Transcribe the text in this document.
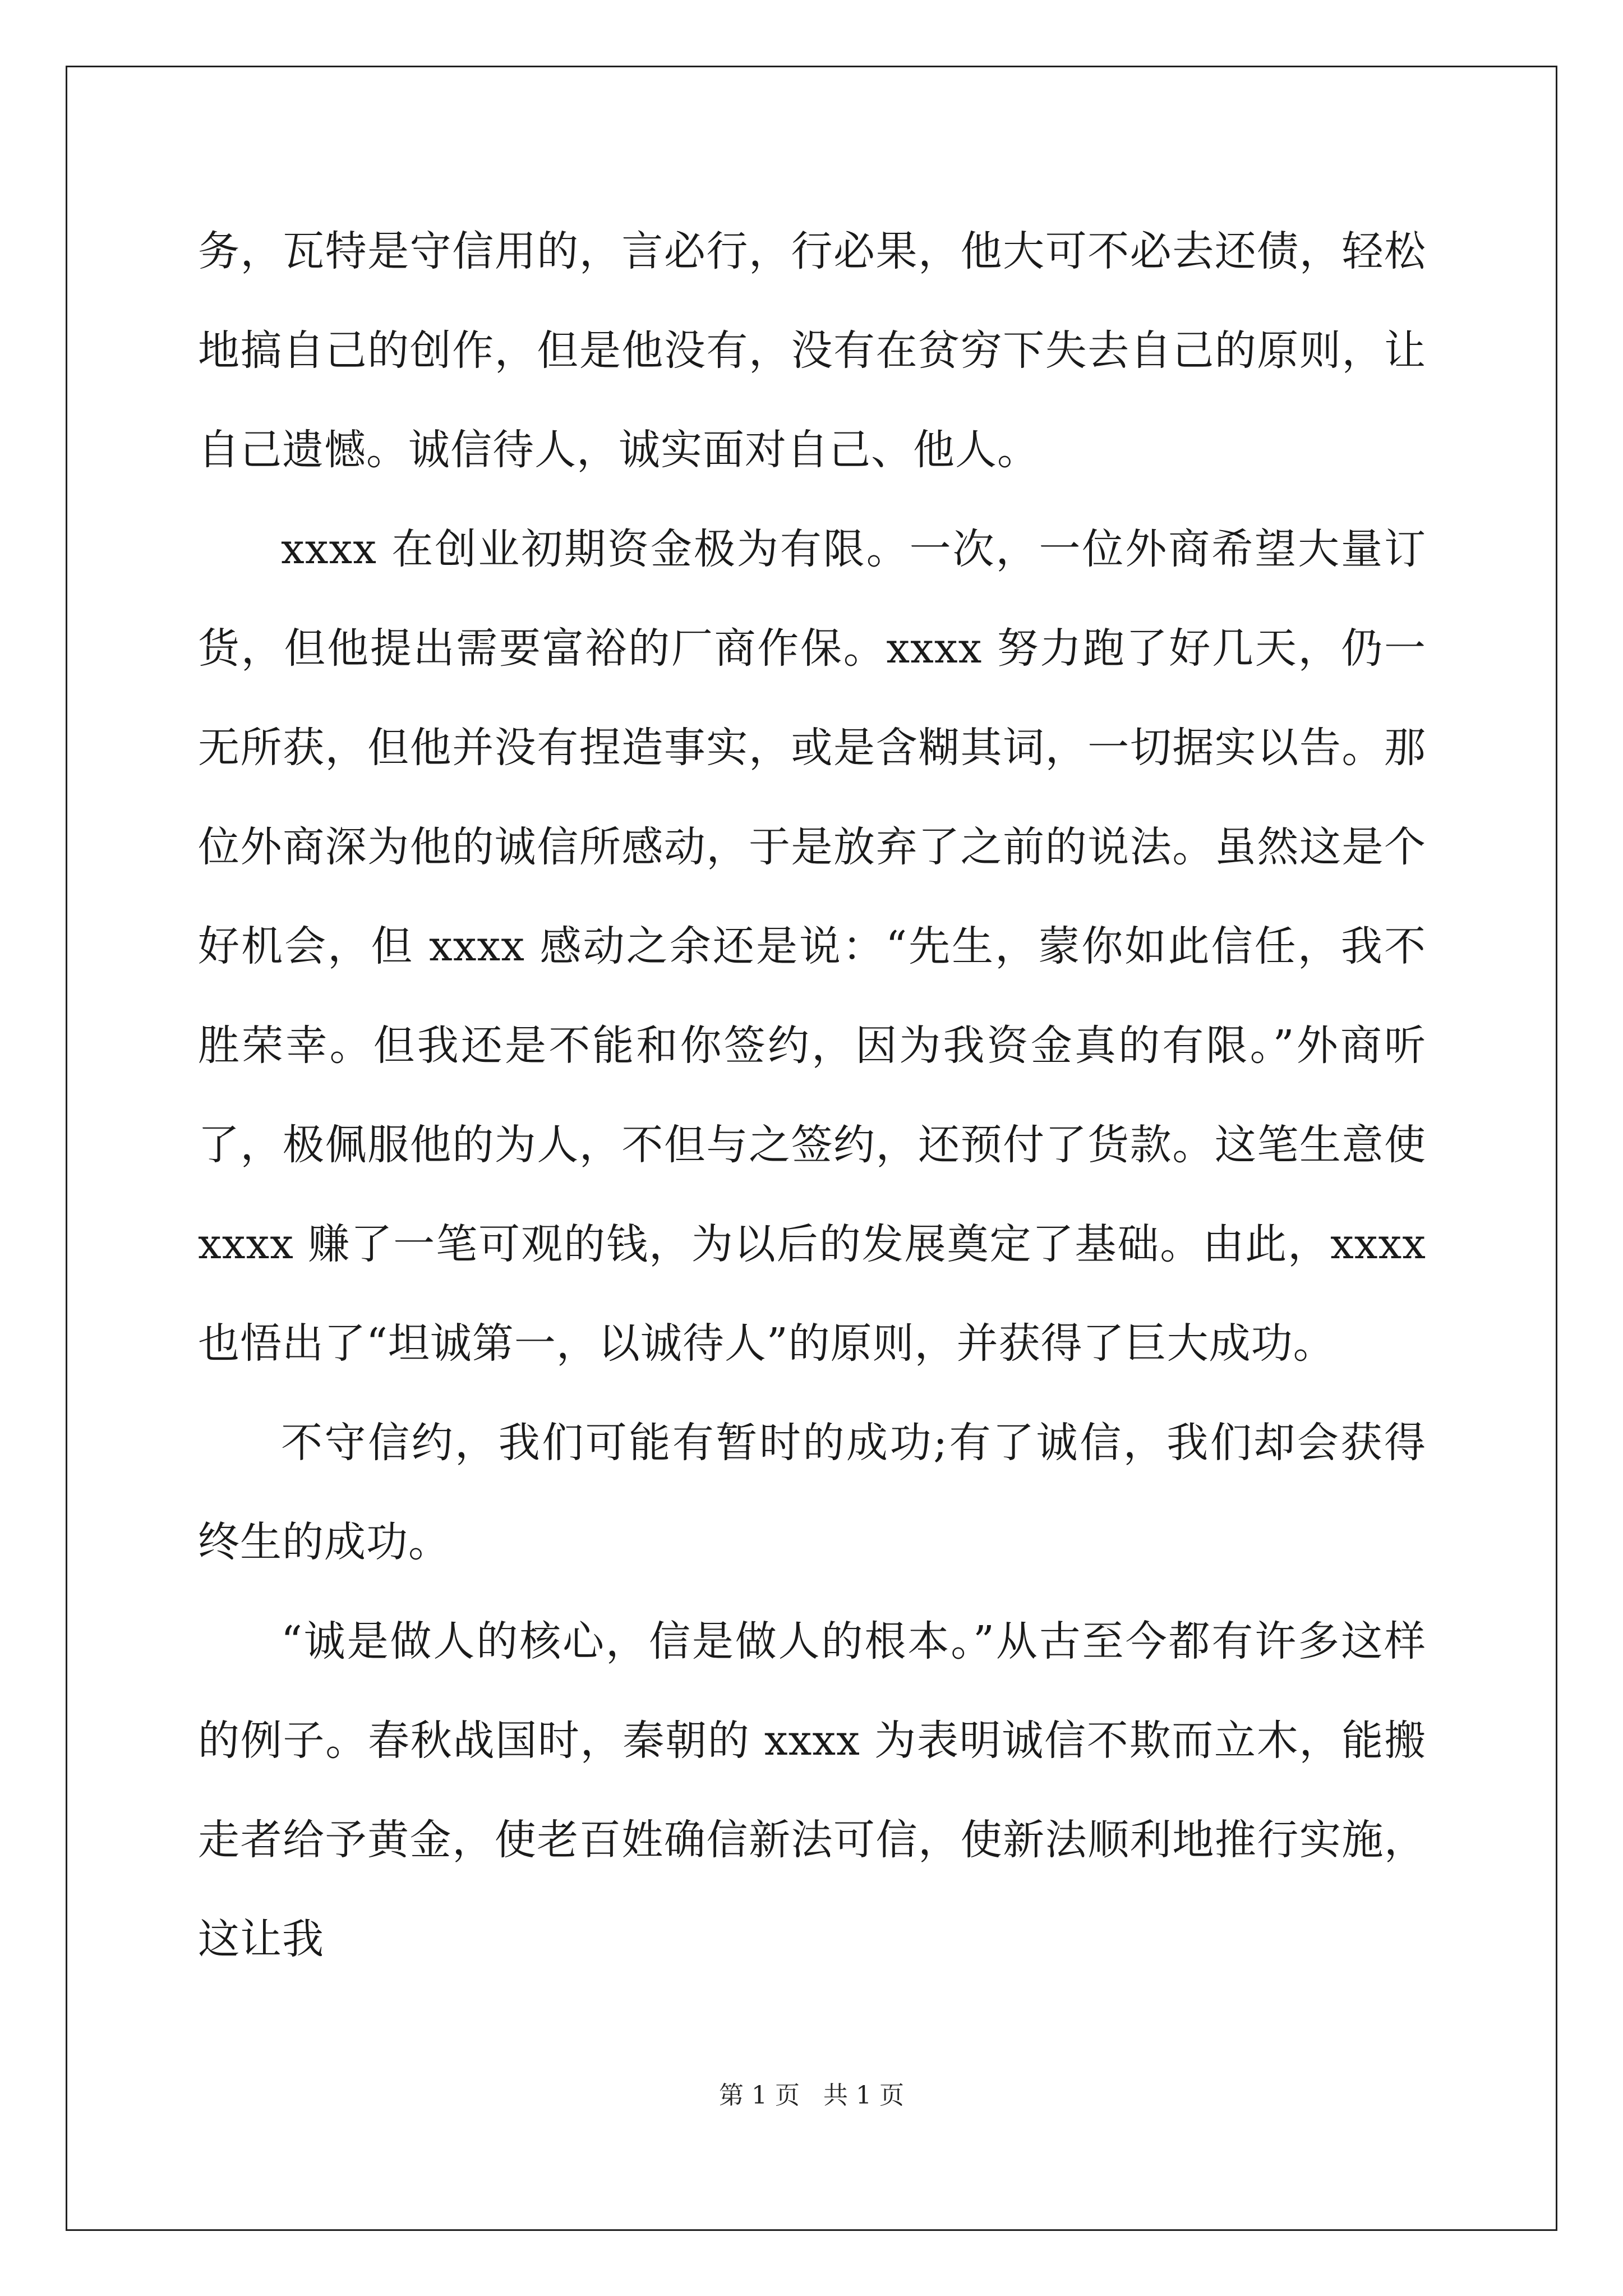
务，瓦特是守信用的，言必行，行必果，他大可不必去还债，轻松地搞自己的创作，但是他没有，没有在贫穷下失去自己的原则，让自己遗憾。诚信待人，诚实面对自己、他人。

xxxx 在创业初期资金极为有限。一次，一位外商希望大量订货，但他提出需要富裕的厂商作保。xxxx 努力跑了好几天，仍一无所获，但他并没有捏造事实，或是含糊其词，一切据实以告。那位外商深为他的诚信所感动，于是放弃了之前的说法。虽然这是个好机会，但 xxxx 感动之余还是说：“先生，蒙你如此信任，我不胜荣幸。但我还是不能和你签约，因为我资金真的有限。”外商听了，极佩服他的为人，不但与之签约，还预付了货款。这笔生意使 xxxx 赚了一笔可观的钱，为以后的发展奠定了基础。由此，xxxx 也悟出了“坦诚第一，以诚待人”的原则，并获得了巨大成功。

不守信约，我们可能有暂时的成功;有了诚信，我们却会获得终生的成功。

“诚是做人的核心，信是做人的根本。”从古至今都有许多这样的例子。春秋战国时，秦朝的 xxxx 为表明诚信不欺而立木，能搬走者给予黄金，使老百姓确信新法可信，使新法顺利地推行实施，这让我

第 1 页 共 1 页
